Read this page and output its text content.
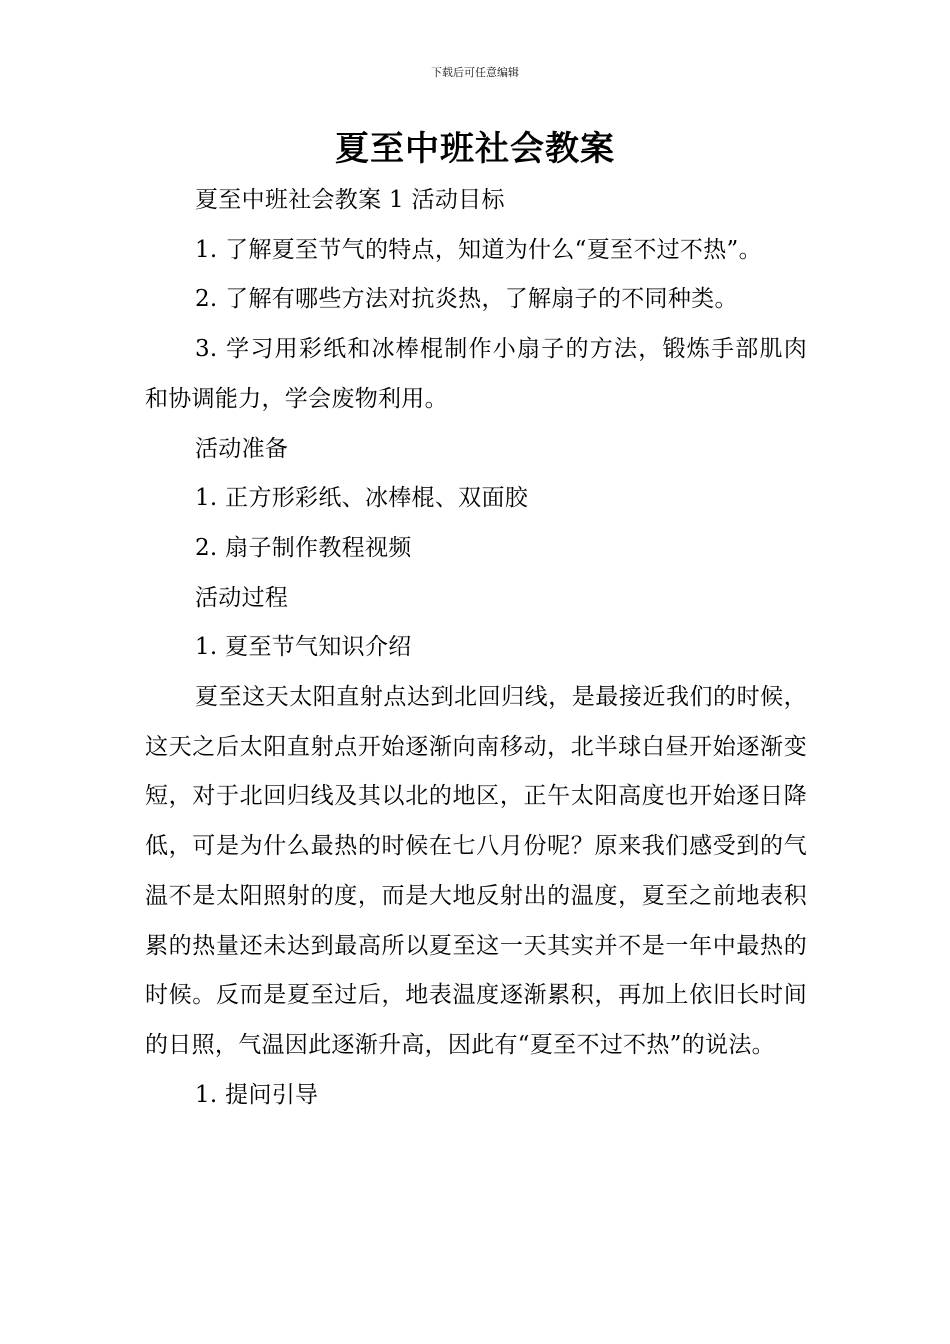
下载后可任意编辑
夏至中班社会教案

夏至中班社会教案 1 活动目标

1. 了解夏至节气的特点，知道为什么“夏至不过不热”。

2. 了解有哪些方法对抗炎热，了解扇子的不同种类。

3. 学习用彩纸和冰棒棍制作小扇子的方法，锻炼手部肌肉和协调能力，学会废物利用。

活动准备

1. 正方形彩纸、冰棒棍、双面胶

2. 扇子制作教程视频

活动过程

1. 夏至节气知识介绍

夏至这天太阳直射点达到北回归线，是最接近我们的时候，这天之后太阳直射点开始逐渐向南移动，北半球白昼开始逐渐变短，对于北回归线及其以北的地区，正午太阳高度也开始逐日降低，可是为什么最热的时候在七八月份呢？原来我们感受到的气温不是太阳照射的度，而是大地反射出的温度，夏至之前地表积累的热量还未达到最高所以夏至这一天其实并不是一年中最热的时候。反而是夏至过后，地表温度逐渐累积，再加上依旧长时间的日照，气温因此逐渐升高，因此有“夏至不过不热”的说法。

1. 提问引导
